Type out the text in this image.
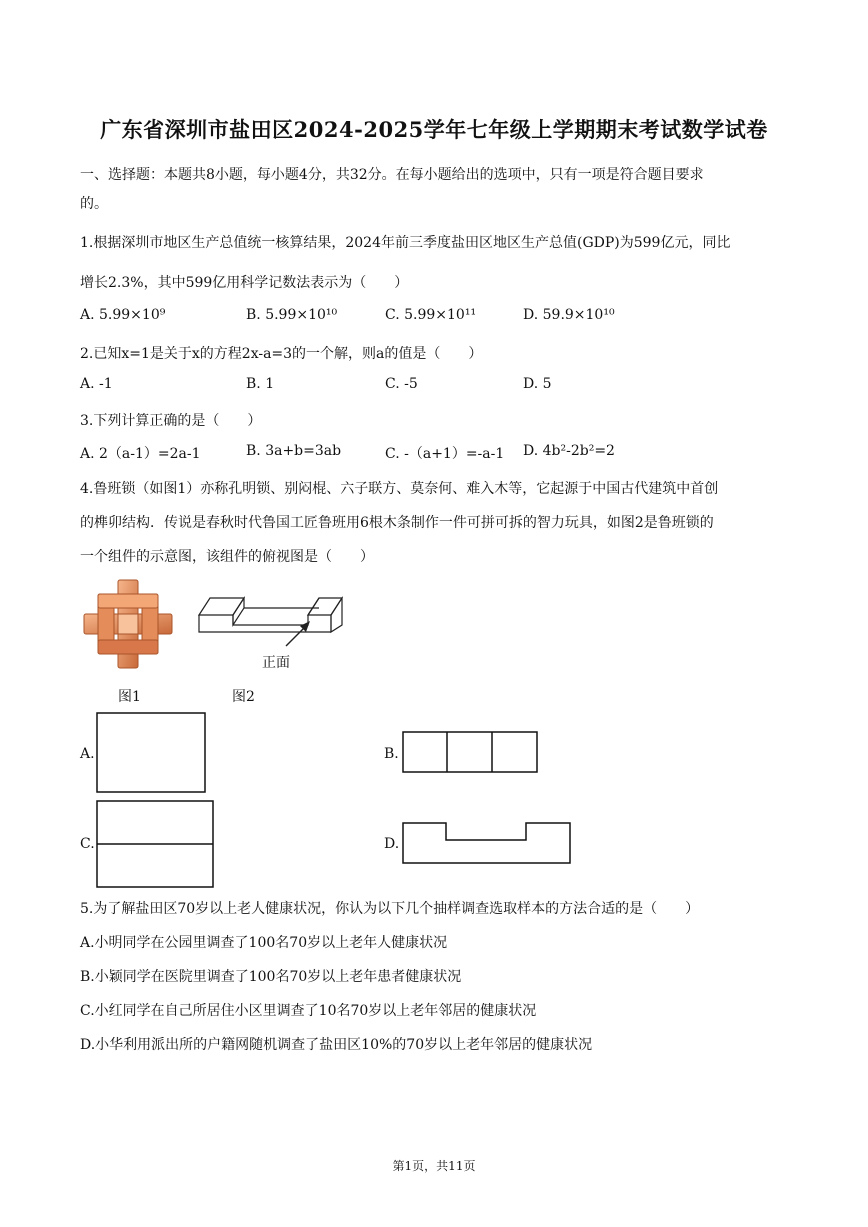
广东省深圳市盐田区2024-2025学年七年级上学期期末考试数学试卷
一、选择题：本题共8小题，每小题4分，共32分。在每小题给出的选项中，只有一项是符合题目要求
的。
1.根据深圳市地区生产总值统一核算结果，2024年前三季度盐田区地区生产总值(GDP)为599亿元，同比
增长2.3%，其中599亿用科学记数法表示为（　　）
A. 5.99×10⁹	B. 5.99×10¹⁰	C. 5.99×10¹¹	D. 59.9×10¹⁰
2.已知x=1是关于x的方程2x-a=3的一个解，则a的值是（　　）
A. -1	B. 1	C. -5	D. 5
3.下列计算正确的是（　　）
A. 2（a-1）=2a-1	B. 3a+b=3ab	C. -（a+1）=-a-1 D. 4b²-2b²=2
4.鲁班锁（如图1）亦称孔明锁、别闷棍、六子联方、莫奈何、难入木等，它起源于中国古代建筑中首创
的榫卯结构．传说是春秋时代鲁国工匠鲁班用6根木条制作一件可拼可拆的智力玩具，如图2是鲁班锁的
一个组件的示意图，该组件的俯视图是（　　）
正面
图1	图2
A.	B.
C.	D.
5.为了解盐田区70岁以上老人健康状况，你认为以下几个抽样调查选取样本的方法合适的是（　　）
A.小明同学在公园里调查了100名70岁以上老年人健康状况
B.小颖同学在医院里调查了100名70岁以上老年患者健康状况
C.小红同学在自己所居住小区里调查了10名70岁以上老年邻居的健康状况
D.小华利用派出所的户籍网随机调查了盐田区10%的70岁以上老年邻居的健康状况
第1页，共11页
